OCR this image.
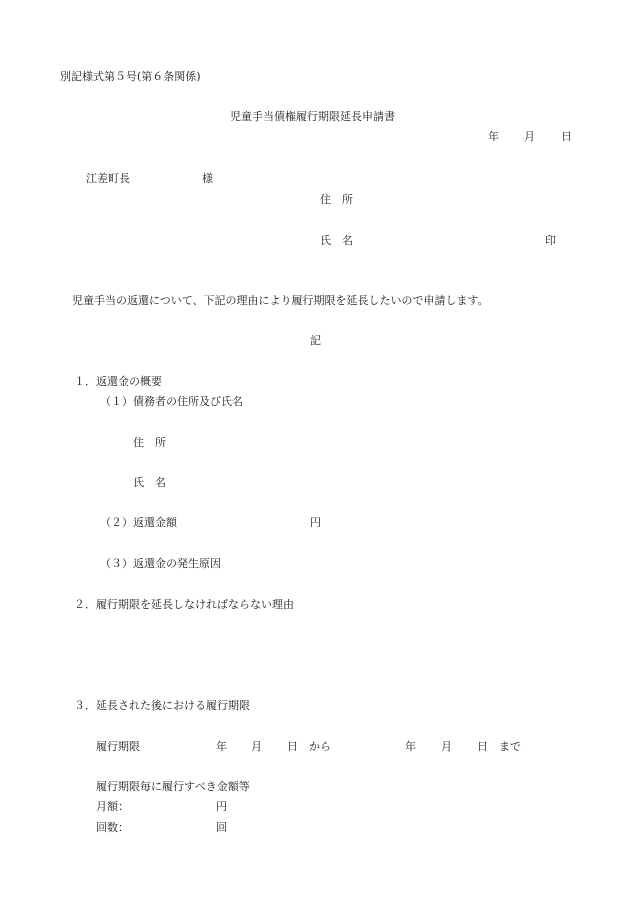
別記様式第５号(第６条関係)
児童手当債権履行期限延長申請書
年 月 日
江差町長	様
住　所
氏　名	印
児童手当の返還について、下記の理由により履行期限を延長したいので申請します。
記
１．返還金の概要
（１）債務者の住所及び氏名
住　所
氏　名
（２）返還金額	円
（３）返還金の発生原因
２．履行期限を延長しなければならない理由
３．延長された後における履行期限
履行期限	年 月 日　から	年 月 日　まで
履行期限毎に履行すべき金額等
月額：	円
回数：	回
